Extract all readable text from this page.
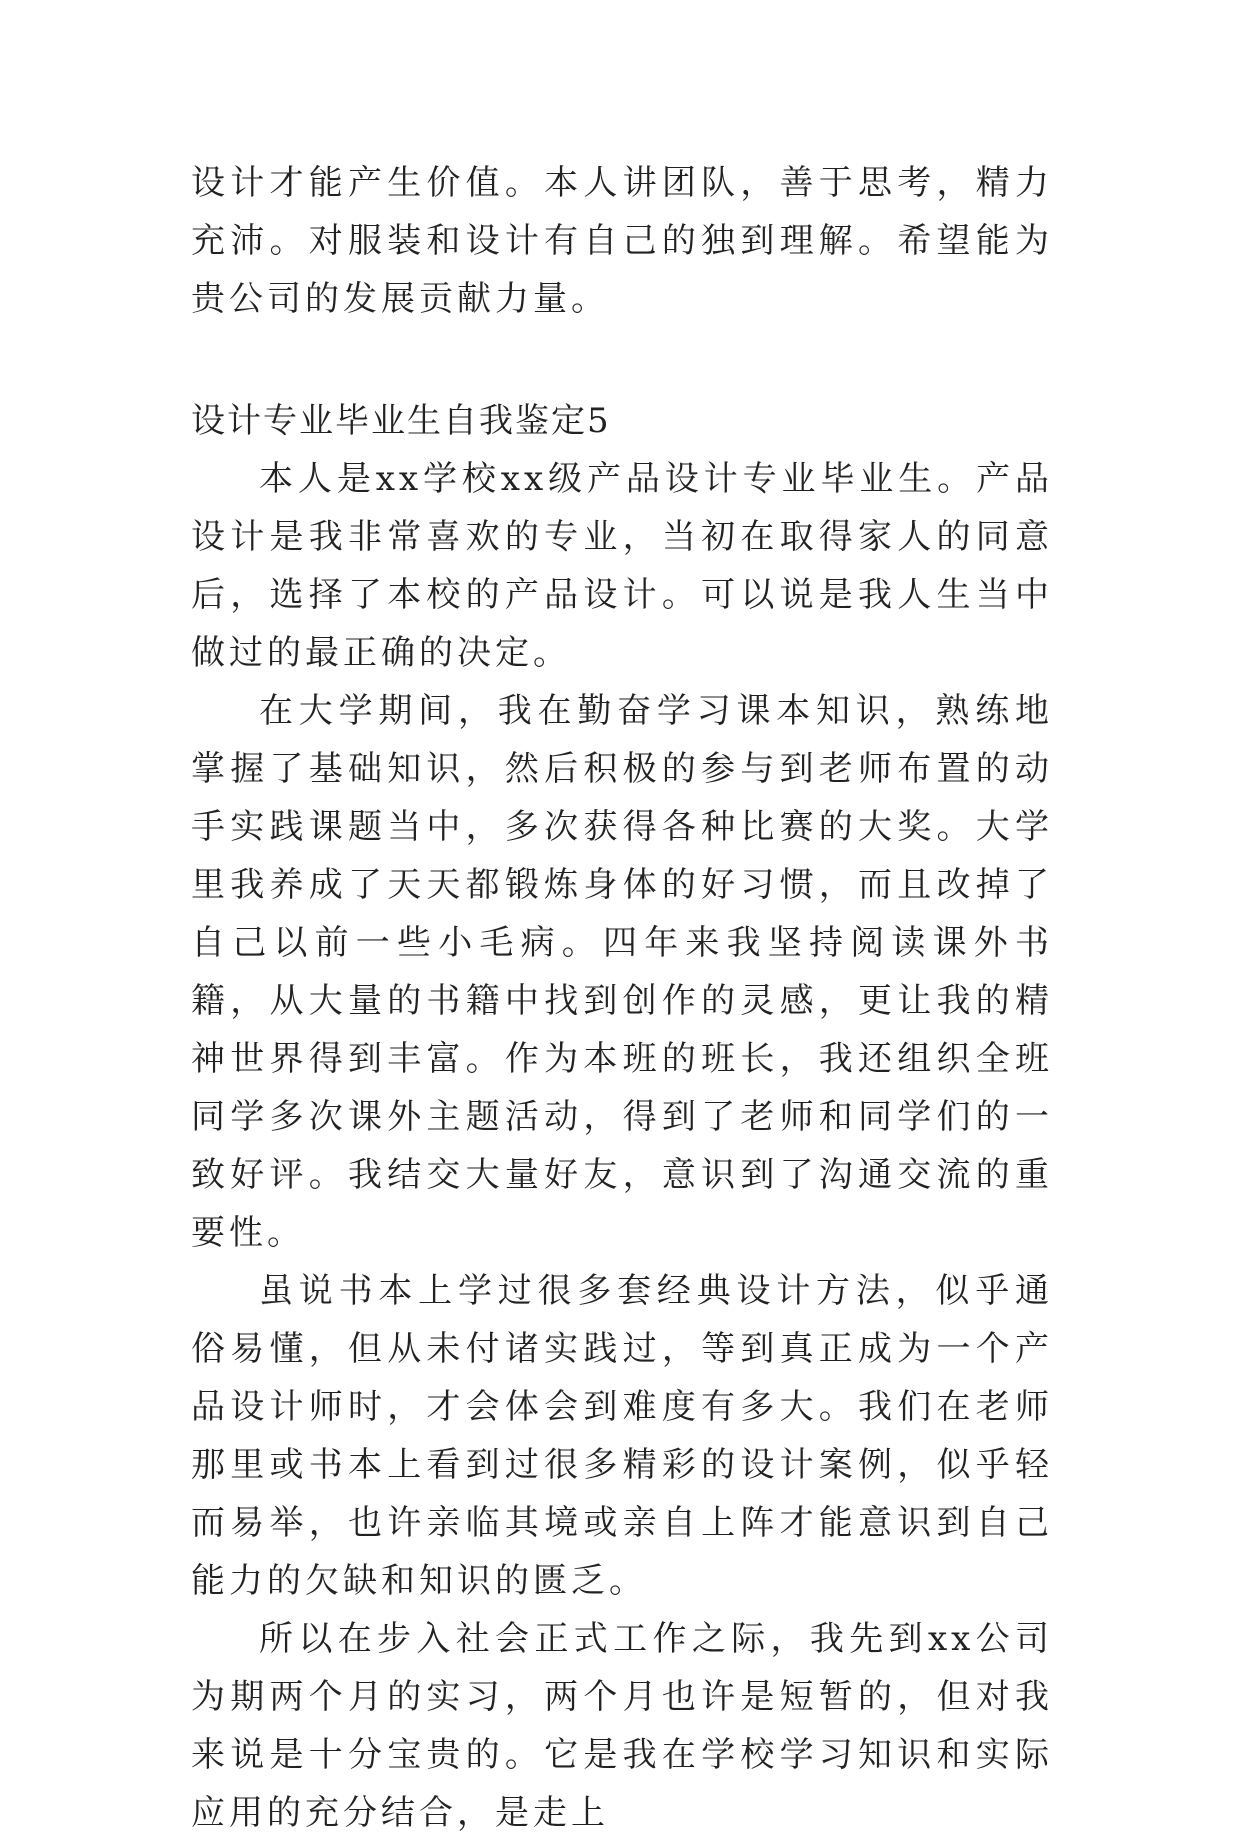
设计才能产生价值。本人讲团队，善于思考，精力充沛。对服装和设计有自己的独到理解。希望能为贵公司的发展贡献力量。

设计专业毕业生自我鉴定5

本人是xx学校xx级产品设计专业毕业生。产品设计是我非常喜欢的专业，当初在取得家人的同意后，选择了本校的产品设计。可以说是我人生当中做过的最正确的决定。

在大学期间，我在勤奋学习课本知识，熟练地掌握了基础知识，然后积极的参与到老师布置的动手实践课题当中，多次获得各种比赛的大奖。大学里我养成了天天都锻炼身体的好习惯，而且改掉了自己以前一些小毛病。四年来我坚持阅读课外书籍，从大量的书籍中找到创作的灵感，更让我的精神世界得到丰富。作为本班的班长，我还组织全班同学多次课外主题活动，得到了老师和同学们的一致好评。我结交大量好友，意识到了沟通交流的重要性。

虽说书本上学过很多套经典设计方法，似乎通俗易懂，但从未付诸实践过，等到真正成为一个产品设计师时，才会体会到难度有多大。我们在老师那里或书本上看到过很多精彩的设计案例，似乎轻而易举，也许亲临其境或亲自上阵才能意识到自己能力的欠缺和知识的匮乏。

所以在步入社会正式工作之际，我先到xx公司为期两个月的实习，两个月也许是短暂的，但对我来说是十分宝贵的。它是我在学校学习知识和实际应用的充分结合，是走上
